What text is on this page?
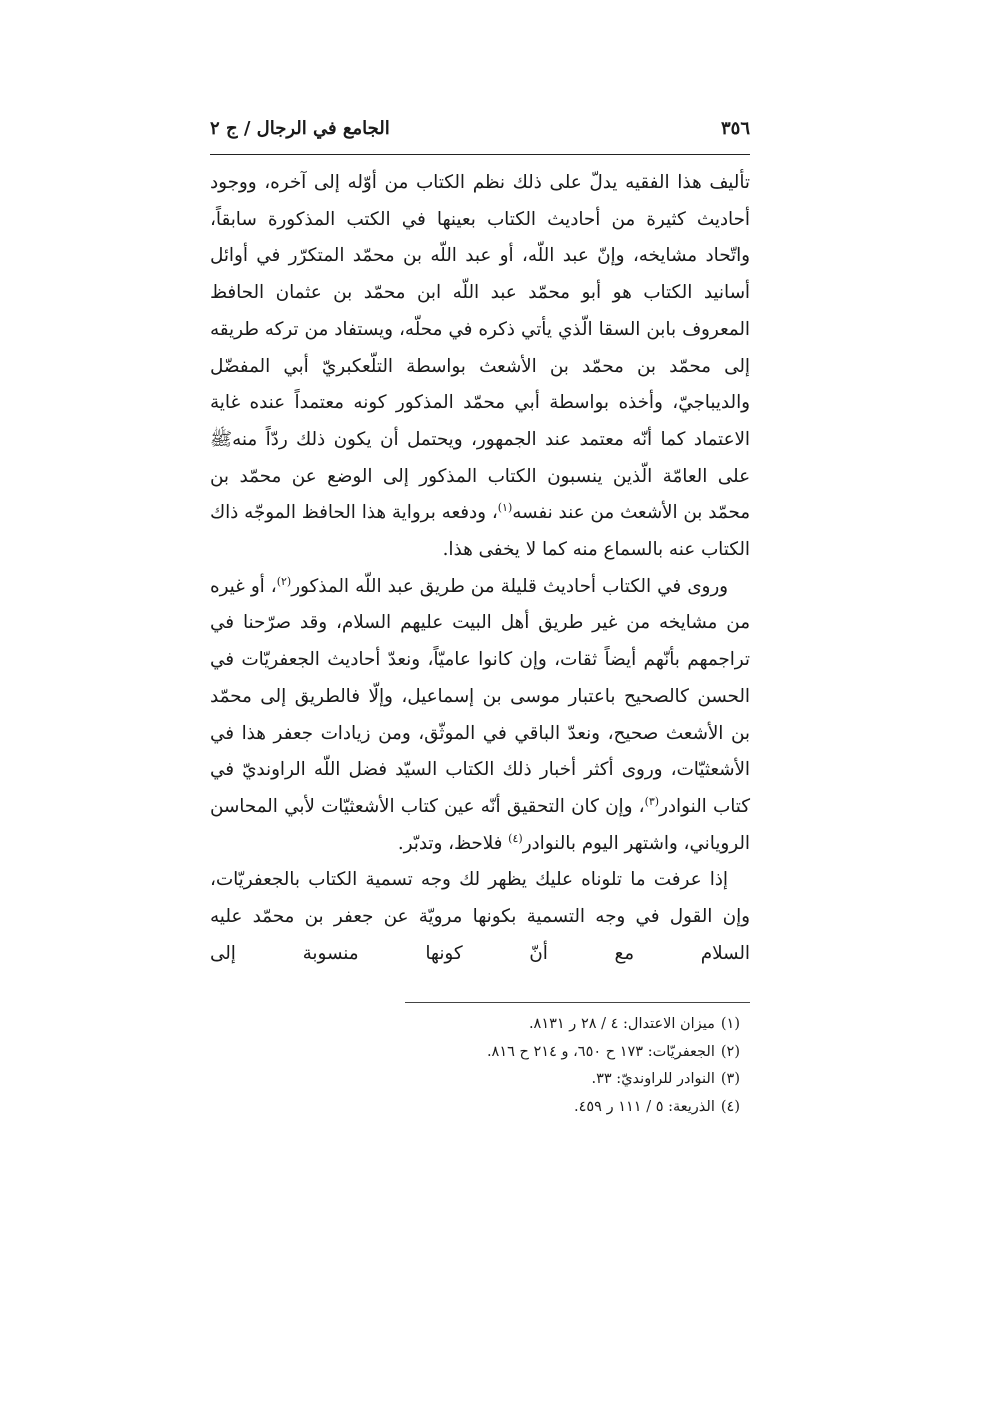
٣٥٦
الجامع في الرجال / ج ٢

تأليف هذا الفقيه يدلّ على ذلك نظم الكتاب من أوّله إلى آخره، ووجود أحاديث كثيرة من أحاديث الكتاب بعينها في الكتب المذكورة سابقاً، واتّحاد مشايخه، وإنّ عبد اللّه، أو عبد اللّه بن محمّد المتكرّر في أوائل أسانيد الكتاب هو أبو محمّد عبد اللّه ابن محمّد بن عثمان الحافظ المعروف بابن السقا الّذي يأتي ذكره في محلّه، ويستفاد من تركه طريقه إلى محمّد بن محمّد بن الأشعث بواسطة التلّعكبريّ أبي المفضّل والديباجيّ، وأخذه بواسطة أبي محمّد المذكور كونه معتمداً عنده غاية الاعتماد كما أنّه معتمد عند الجمهور، ويحتمل أن يكون ذلك ردّاً منهﷺ على العامّة الّذين ينسبون الكتاب المذكور إلى الوضع عن محمّد بن محمّد بن الأشعث من عند نفسه$^{(١)}$، ودفعه برواية هذا الحافظ الموجّه ذاك الكتاب عنه بالسماع منه كما لا يخفى هذا.

وروى في الكتاب أحاديث قليلة من طريق عبد اللّه المذكور$^{(٢)}$، أو غيره من مشايخه من غير طريق أهل البيت عليهم السلام، وقد صرّحنا في تراجمهم بأنّهم أيضاً ثقات، وإن كانوا عاميّاً، ونعدّ أحاديث الجعفريّات في الحسن كالصحيح باعتبار موسى بن إسماعيل، وإلّا فالطريق إلى محمّد بن الأشعث صحيح، ونعدّ الباقي في الموثّق، ومن زيادات جعفر هذا في الأشعثيّات، وروى أكثر أخبار ذلك الكتاب السيّد فضل اللّه الراونديّ في كتاب النوادر$^{(٣)}$، وإن كان التحقيق أنّه عين كتاب الأشعثيّات لأبي المحاسن الروياني، واشتهر اليوم بالنوادر$^{(٤)}$ فلاحظ، وتدبّر.

إذا عرفت ما تلوناه عليك يظهر لك وجه تسمية الكتاب بالجعفريّات، وإن القول في وجه التسمية بكونها مرويّة عن جعفر بن محمّد عليه السلام مع أنّ كونها منسوبة إلى

(١)
ميزان الاعتدال: ٤ / ٢٨ ر ٨١٣١.
(٢)
الجعفريّات: ١٧٣ ح ٦٥٠، و ٢١٤ ح ٨١٦.
(٣)
النوادر للراونديّ: ٣٣.
(٤)
الذريعة: ٥ / ١١١ ر ٤٥٩.
